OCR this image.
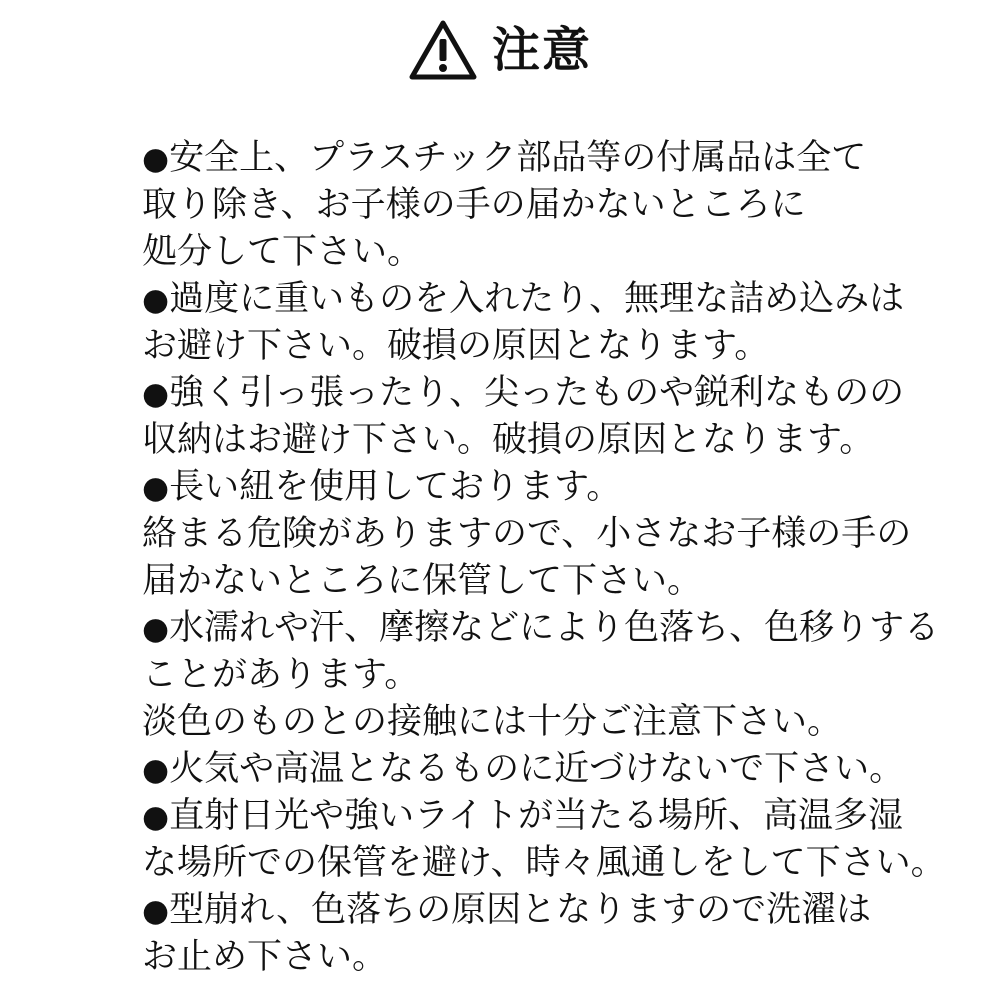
注意
●安全上、プラスチック部品等の付属品は全て
取り除き、お子様の手の届かないところに
処分して下さい。
●過度に重いものを入れたり、無理な詰め込みは
お避け下さい。破損の原因となります。
●強く引っ張ったり、尖ったものや鋭利なものの
収納はお避け下さい。破損の原因となります。
●長い紐を使用しております。
絡まる危険がありますので、小さなお子様の手の
届かないところに保管して下さい。
●水濡れや汗、摩擦などにより色落ち、色移りする
ことがあります。
淡色のものとの接触には十分ご注意下さい。
●火気や高温となるものに近づけないで下さい。
●直射日光や強いライトが当たる場所、高温多湿
な場所での保管を避け、時々風通しをして下さい。
●型崩れ、色落ちの原因となりますので洗濯は
お止め下さい。
